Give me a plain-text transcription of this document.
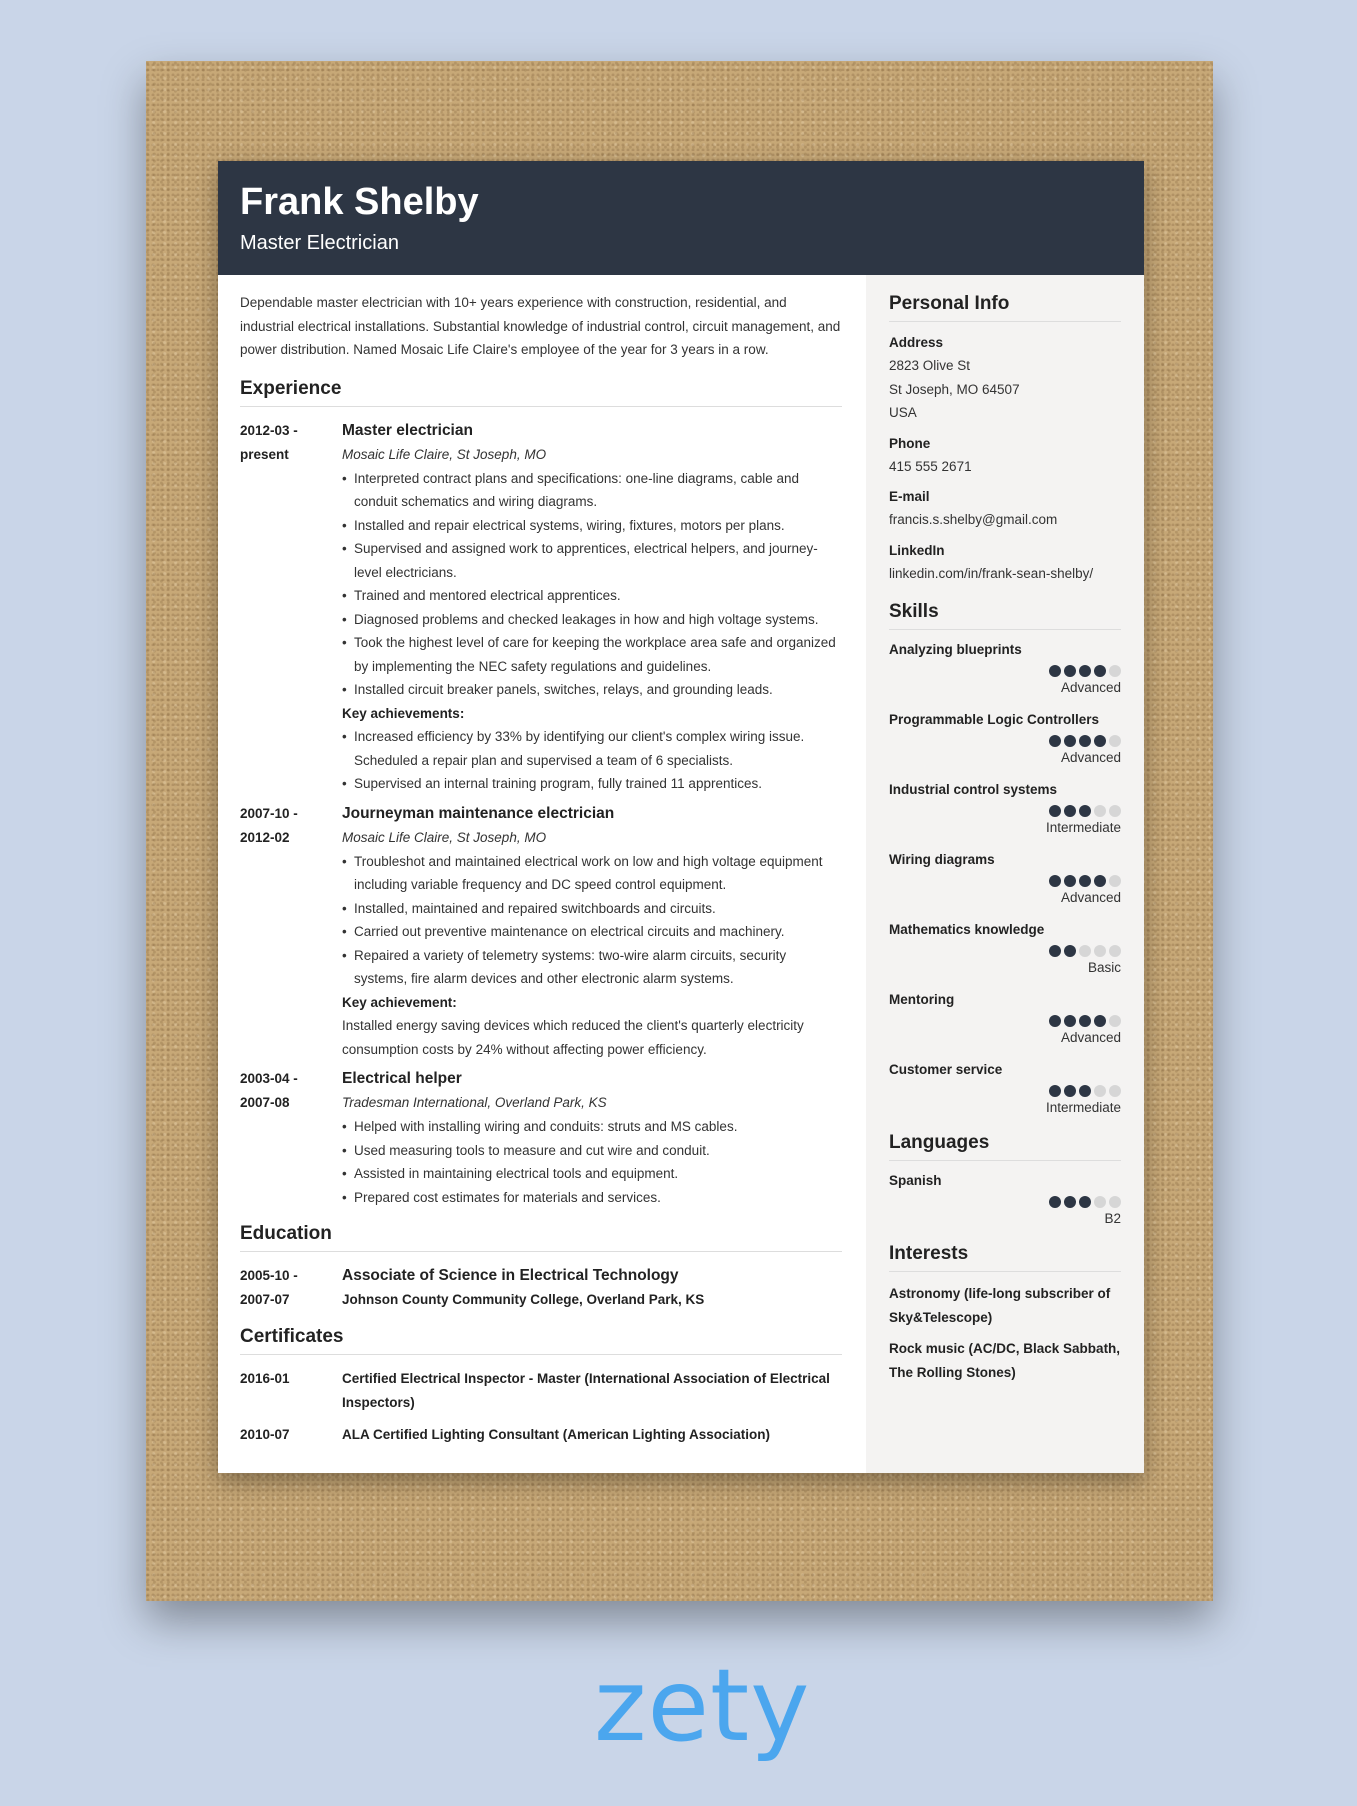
Frank Shelby
Master Electrician

Dependable master electrician with 10+ years experience with construction, residential, and industrial electrical installations. Substantial knowledge of industrial control, circuit management, and power distribution. Named Mosaic Life Claire's employee of the year for 3 years in a row.

Experience
2012-03 -
present
Master electrician
Mosaic Life Claire, St Joseph, MO
• Interpreted contract plans and specifications: one-line diagrams, cable and conduit schematics and wiring diagrams.
• Installed and repair electrical systems, wiring, fixtures, motors per plans.
• Supervised and assigned work to apprentices, electrical helpers, and journey-level electricians.
• Trained and mentored electrical apprentices.
• Diagnosed problems and checked leakages in how and high voltage systems.
• Took the highest level of care for keeping the workplace area safe and organized by implementing the NEC safety regulations and guidelines.
• Installed circuit breaker panels, switches, relays, and grounding leads.
Key achievements:
• Increased efficiency by 33% by identifying our client's complex wiring issue. Scheduled a repair plan and supervised a team of 6 specialists.
• Supervised an internal training program, fully trained 11 apprentices.
2007-10 -
2012-02
Journeyman maintenance electrician
Mosaic Life Claire, St Joseph, MO
• Troubleshot and maintained electrical work on low and high voltage equipment including variable frequency and DC speed control equipment.
• Installed, maintained and repaired switchboards and circuits.
• Carried out preventive maintenance on electrical circuits and machinery.
• Repaired a variety of telemetry systems: two-wire alarm circuits, security systems, fire alarm devices and other electronic alarm systems.
Key achievement:
Installed energy saving devices which reduced the client's quarterly electricity consumption costs by 24% without affecting power efficiency.
2003-04 -
2007-08
Electrical helper
Tradesman International, Overland Park, KS
• Helped with installing wiring and conduits: struts and MS cables.
• Used measuring tools to measure and cut wire and conduit.
• Assisted in maintaining electrical tools and equipment.
• Prepared cost estimates for materials and services.
Education
2005-10 -
2007-07
Associate of Science in Electrical Technology
Johnson County Community College, Overland Park, KS
Certificates
2016-01	Certified Electrical Inspector - Master (International Association of Electrical Inspectors)
2010-07	ALA Certified Lighting Consultant (American Lighting Association)
Personal Info
Address
2823 Olive St
St Joseph, MO 64507
USA
Phone
415 555 2671
E-mail
francis.s.shelby@gmail.com
LinkedIn
linkedin.com/in/frank-sean-shelby/
Skills
Analyzing blueprints
Advanced
Programmable Logic Controllers
Advanced
Industrial control systems
Intermediate
Wiring diagrams
Advanced
Mathematics knowledge
Basic
Mentoring
Advanced
Customer service
Intermediate
Languages
Spanish
B2
Interests
Astronomy (life-long subscriber of Sky&Telescope)
Rock music (AC/DC, Black Sabbath, The Rolling Stones)
zety
